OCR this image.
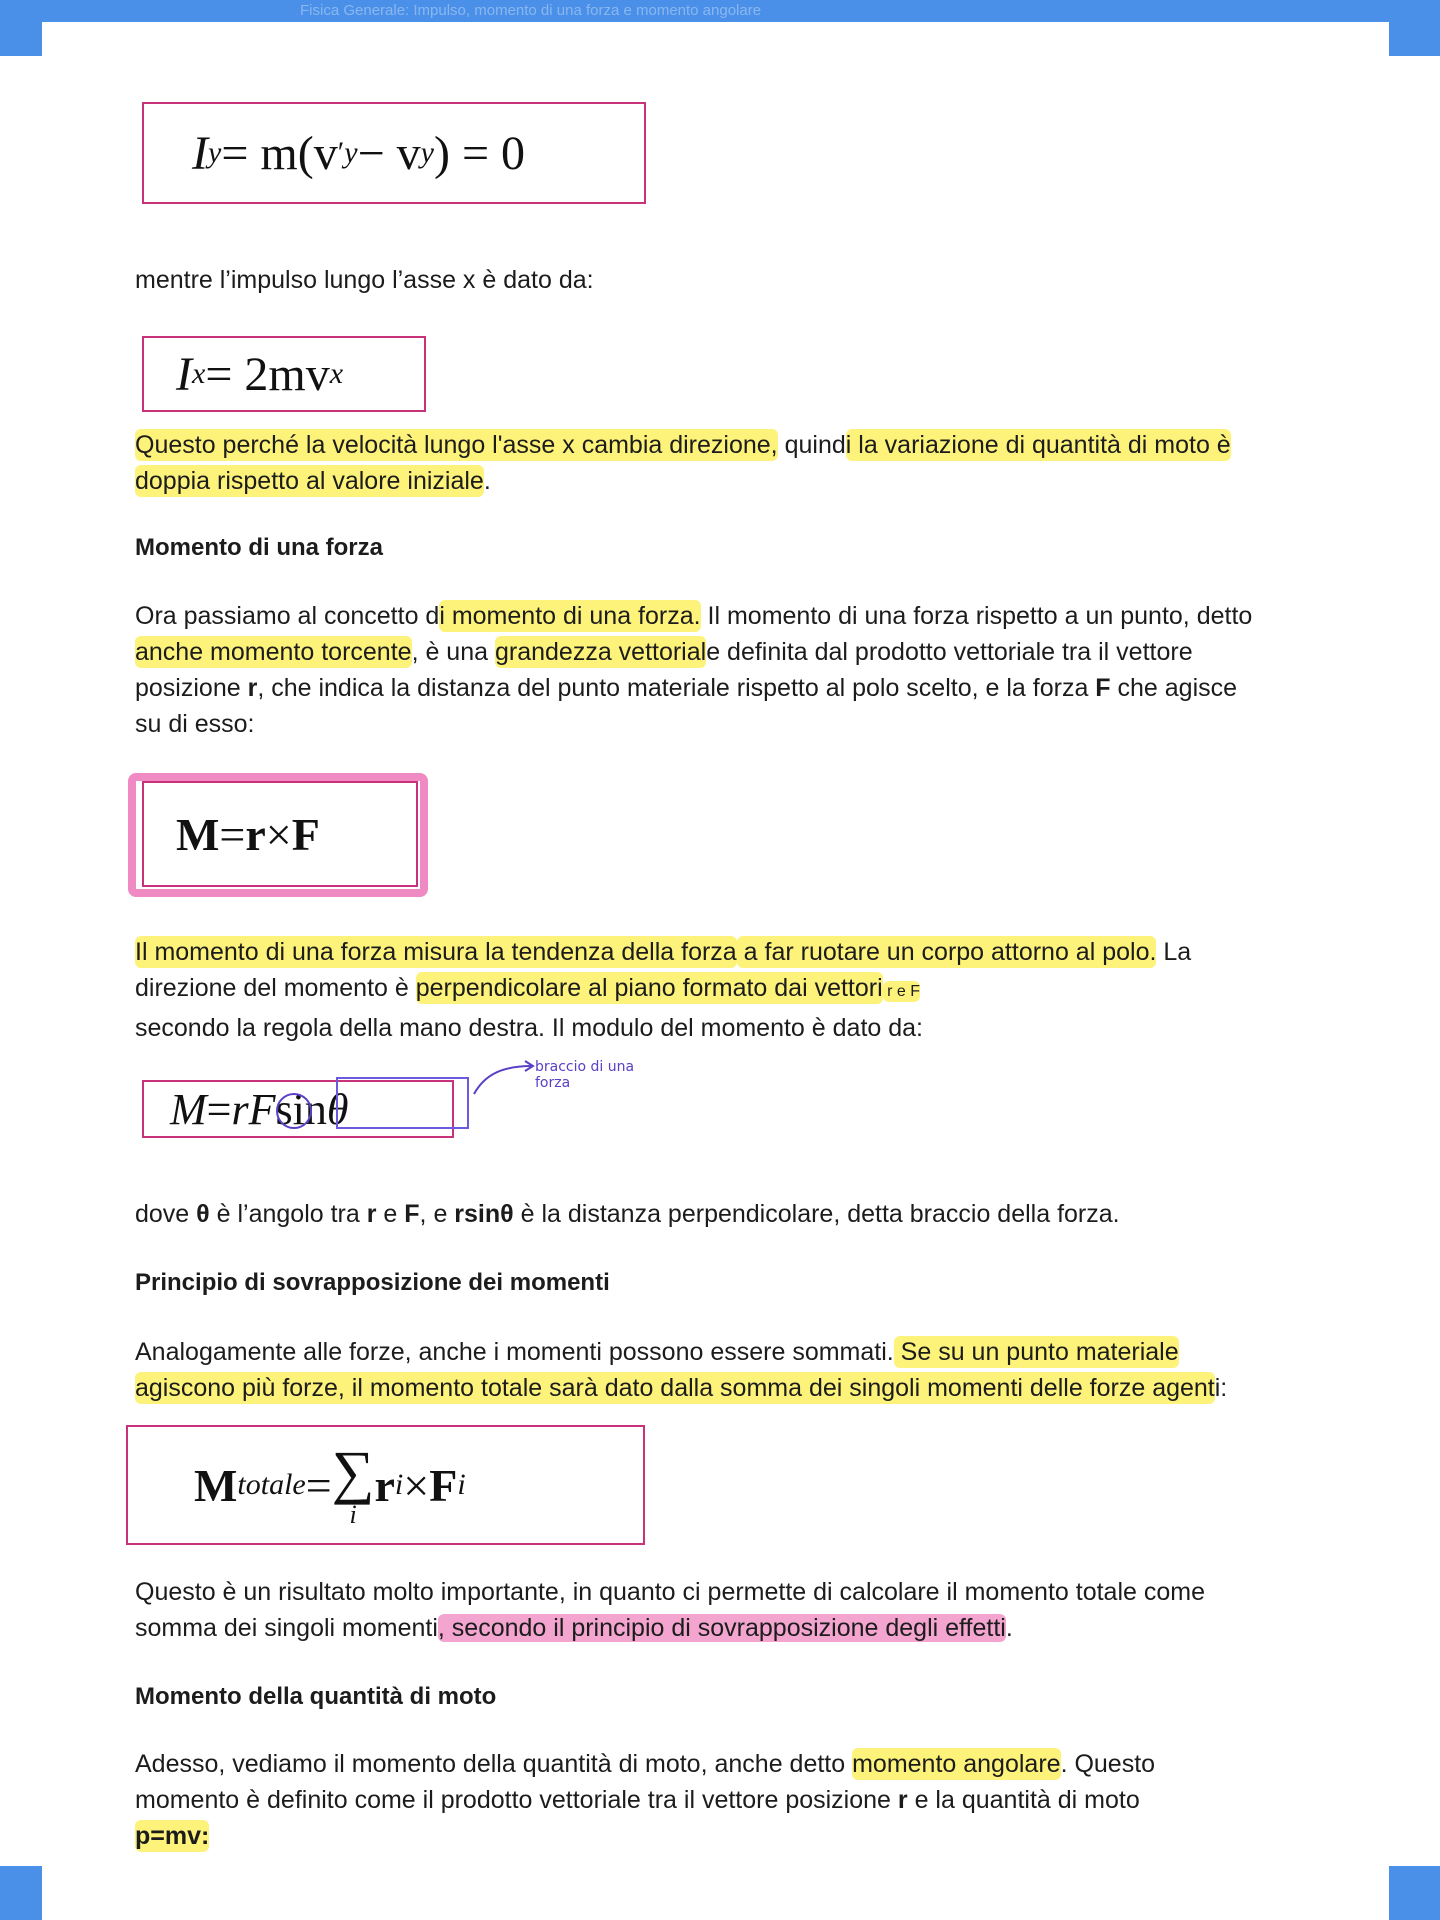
Fisica Generale: Impulso, momento di una forza e momento angolare
I y = m(v ′ y − v y ) = 0
mentre l’impulso lungo l’asse x è dato da:
I x = 2mv x
Questo perché la velocità lungo l'asse x cambia direzione, quindi la variazione di quantità di moto è
doppia rispetto al valore iniziale.
Momento di una forza
Ora passiamo al concetto di momento di una forza. Il momento di una forza rispetto a un punto, detto
anche momento torcente, è una grandezza vettoriale definita dal prodotto vettoriale tra il vettore
posizione r, che indica la distanza del punto materiale rispetto al polo scelto, e la forza F che agisce
su di esso:
M = r × F
Il momento di una forza misura la tendenza della forza a far ruotare un corpo attorno al polo. La
direzione del momento è perpendicolare al piano formato dai vettori r e F
secondo la regola della mano destra. Il modulo del momento è dato da:
M = r F sin θ
braccio di una
forza
dove θ è l’angolo tra r e F, e rsinθ è la distanza perpendicolare, detta braccio della forza.
Principio di sovrapposizione dei momenti
Analogamente alle forze, anche i momenti possono essere sommati. Se su un punto materiale
agiscono più forze, il momento totale sarà dato dalla somma dei singoli momenti delle forze agenti:
M totale = ∑
i
r i × F i
Questo è un risultato molto importante, in quanto ci permette di calcolare il momento totale come
somma dei singoli momenti, secondo il principio di sovrapposizione degli effetti.
Momento della quantità di moto
Adesso, vediamo il momento della quantità di moto, anche detto momento angolare. Questo
momento è definito come il prodotto vettoriale tra il vettore posizione r e la quantità di moto
p=mv:
